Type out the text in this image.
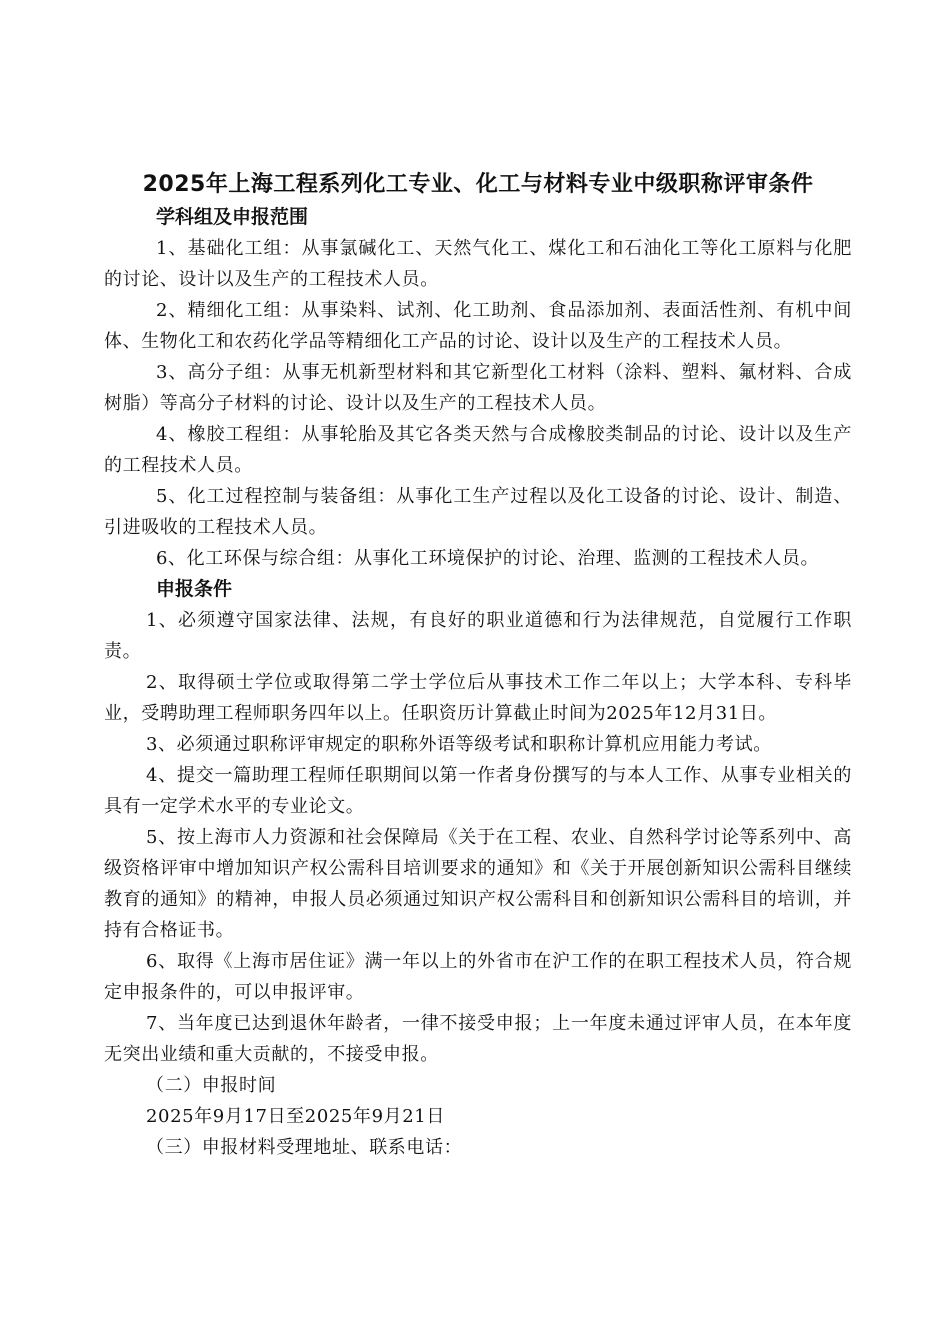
2025年上海工程系列化工专业、化工与材料专业中级职称评审条件
学科组及申报范围

1、基础化工组：从事氯碱化工、天然气化工、煤化工和石油化工等化工原料与化肥的讨论、设计以及生产的工程技术人员。

2、精细化工组：从事染料、试剂、化工助剂、食品添加剂、表面活性剂、有机中间体、生物化工和农药化学品等精细化工产品的讨论、设计以及生产的工程技术人员。

3、高分子组：从事无机新型材料和其它新型化工材料（涂料、塑料、氟材料、合成树脂）等高分子材料的讨论、设计以及生产的工程技术人员。

4、橡胶工程组：从事轮胎及其它各类天然与合成橡胶类制品的讨论、设计以及生产的工程技术人员。

5、化工过程控制与装备组：从事化工生产过程以及化工设备的讨论、设计、制造、引进吸收的工程技术人员。

6、化工环保与综合组：从事化工环境保护的讨论、治理、监测的工程技术人员。

申报条件

1、必须遵守国家法律、法规，有良好的职业道德和行为法律规范，自觉履行工作职责。

2、取得硕士学位或取得第二学士学位后从事技术工作二年以上；大学本科、专科毕业，受聘助理工程师职务四年以上。任职资历计算截止时间为2025年12月31日。

3、必须通过职称评审规定的职称外语等级考试和职称计算机应用能力考试。

4、提交一篇助理工程师任职期间以第一作者身份撰写的与本人工作、从事专业相关的具有一定学术水平的专业论文。

5、按上海市人力资源和社会保障局《关于在工程、农业、自然科学讨论等系列中、高级资格评审中增加知识产权公需科目培训要求的通知》和《关于开展创新知识公需科目继续教育的通知》的精神，申报人员必须通过知识产权公需科目和创新知识公需科目的培训，并持有合格证书。

6、取得《上海市居住证》满一年以上的外省市在沪工作的在职工程技术人员，符合规定申报条件的，可以申报评审。

7、当年度已达到退休年龄者，一律不接受申报；上一年度未通过评审人员，在本年度无突出业绩和重大贡献的，不接受申报。

（二）申报时间

2025年9月17日至2025年9月21日

（三）申报材料受理地址、联系电话：
